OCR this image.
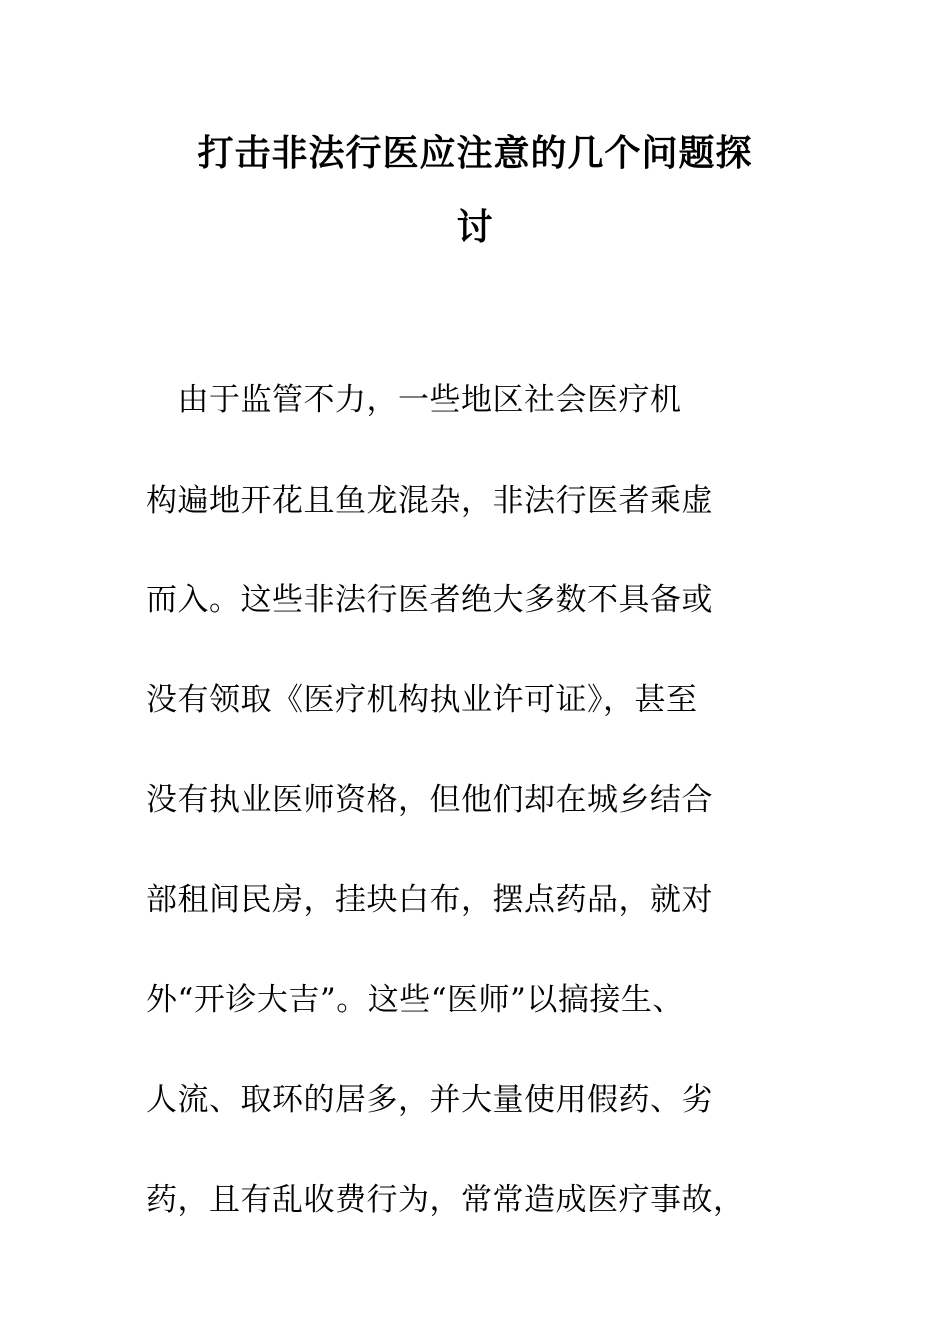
打击非法行医应注意的几个问题探
讨
　由于监管不力，一些地区社会医疗机
构遍地开花且鱼龙混杂，非法行医者乘虚
而入。这些非法行医者绝大多数不具备或
没有领取《医疗机构执业许可证》，甚至
没有执业医师资格，但他们却在城乡结合
部租间民房，挂块白布，摆点药品，就对
外“开诊大吉”。这些“医师”以搞接生、
人流、取环的居多，并大量使用假药、劣
药，且有乱收费行为，常常造成医疗事故，
